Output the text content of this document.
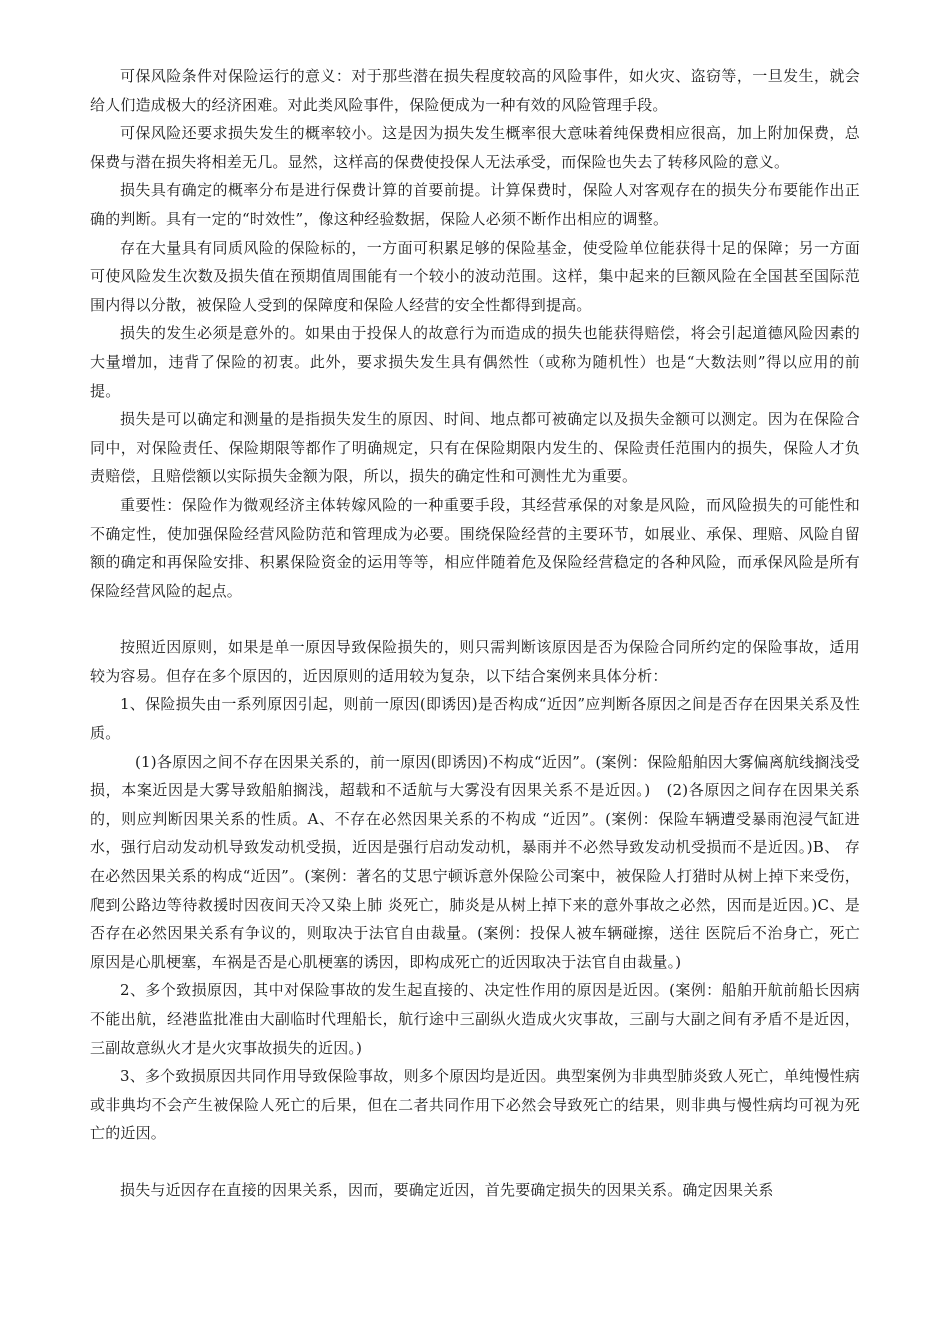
可保风险条件对保险运行的意义：对于那些潜在损失程度较高的风险事件，如火灾、盗窃等，一旦发生，就会给人们造成极大的经济困难。对此类风险事件，保险便成为一种有效的风险管理手段。

可保风险还要求损失发生的概率较小。这是因为损失发生概率很大意味着纯保费相应很高，加上附加保费，总保费与潜在损失将相差无几。显然，这样高的保费使投保人无法承受，而保险也失去了转移风险的意义。

损失具有确定的概率分布是进行保费计算的首要前提。计算保费时，保险人对客观存在的损失分布要能作出正确的判断。具有一定的“时效性”，像这种经验数据，保险人必须不断作出相应的调整。

存在大量具有同质风险的保险标的，一方面可积累足够的保险基金，使受险单位能获得十足的保障；另一方面可使风险发生次数及损失值在预期值周围能有一个较小的波动范围。这样，集中起来的巨额风险在全国甚至国际范围内得以分散，被保险人受到的保障度和保险人经营的安全性都得到提高。

损失的发生必须是意外的。如果由于投保人的故意行为而造成的损失也能获得赔偿，将会引起道德风险因素的大量增加，违背了保险的初衷。此外，要求损失发生具有偶然性（或称为随机性）也是“大数法则”得以应用的前提。

损失是可以确定和测量的是指损失发生的原因、时间、地点都可被确定以及损失金额可以测定。因为在保险合同中，对保险责任、保险期限等都作了明确规定，只有在保险期限内发生的、保险责任范围内的损失，保险人才负责赔偿，且赔偿额以实际损失金额为限，所以，损失的确定性和可测性尤为重要。

重要性：保险作为微观经济主体转嫁风险的一种重要手段，其经营承保的对象是风险，而风险损失的可能性和不确定性，使加强保险经营风险防范和管理成为必要。围绕保险经营的主要环节，如展业、承保、理赔、风险自留额的确定和再保险安排、积累保险资金的运用等等，相应伴随着危及保险经营稳定的各种风险，而承保风险是所有保险经营风险的起点。

按照近因原则，如果是单一原因导致保险损失的，则只需判断该原因是否为保险合同所约定的保险事故，适用较为容易。但存在多个原因的，近因原则的适用较为复杂，以下结合案例来具体分析：

1、保险损失由一系列原因引起，则前一原因(即诱因)是否构成“近因”应判断各原因之间是否存在因果关系及性质。

(1)各原因之间不存在因果关系的，前一原因(即诱因)不构成“近因”。(案例：保险船舶因大雾偏离航线搁浅受损，本案近因是大雾导致船舶搁浅，超载和不适航与大雾没有因果关系不是近因。)　(2)各原因之间存在因果关系的，则应判断因果关系的性质。A、不存在必然因果关系的不构成 “近因”。(案例：保险车辆遭受暴雨泡浸气缸进水，强行启动发动机导致发动机受损，近因是强行启动发动机，暴雨并不必然导致发动机受损而不是近因。)B、 存在必然因果关系的构成“近因”。(案例：著名的艾思宁顿诉意外保险公司案中，被保险人打猎时从树上掉下来受伤，爬到公路边等待救援时因夜间天冷又染上肺 炎死亡，肺炎是从树上掉下来的意外事故之必然，因而是近因。)C、是否存在必然因果关系有争议的，则取决于法官自由裁量。(案例：投保人被车辆碰擦，送往 医院后不治身亡，死亡原因是心肌梗塞，车祸是否是心肌梗塞的诱因，即构成死亡的近因取决于法官自由裁量。)

2、多个致损原因，其中对保险事故的发生起直接的、决定性作用的原因是近因。(案例：船舶开航前船长因病不能出航，经港监批准由大副临时代理船长，航行途中三副纵火造成火灾事故，三副与大副之间有矛盾不是近因，三副故意纵火才是火灾事故损失的近因。)

3、多个致损原因共同作用导致保险事故，则多个原因均是近因。典型案例为非典型肺炎致人死亡，单纯慢性病或非典均不会产生被保险人死亡的后果，但在二者共同作用下必然会导致死亡的结果，则非典与慢性病均可视为死亡的近因。

损失与近因存在直接的因果关系，因而，要确定近因，首先要确定损失的因果关系。确定因果关系
